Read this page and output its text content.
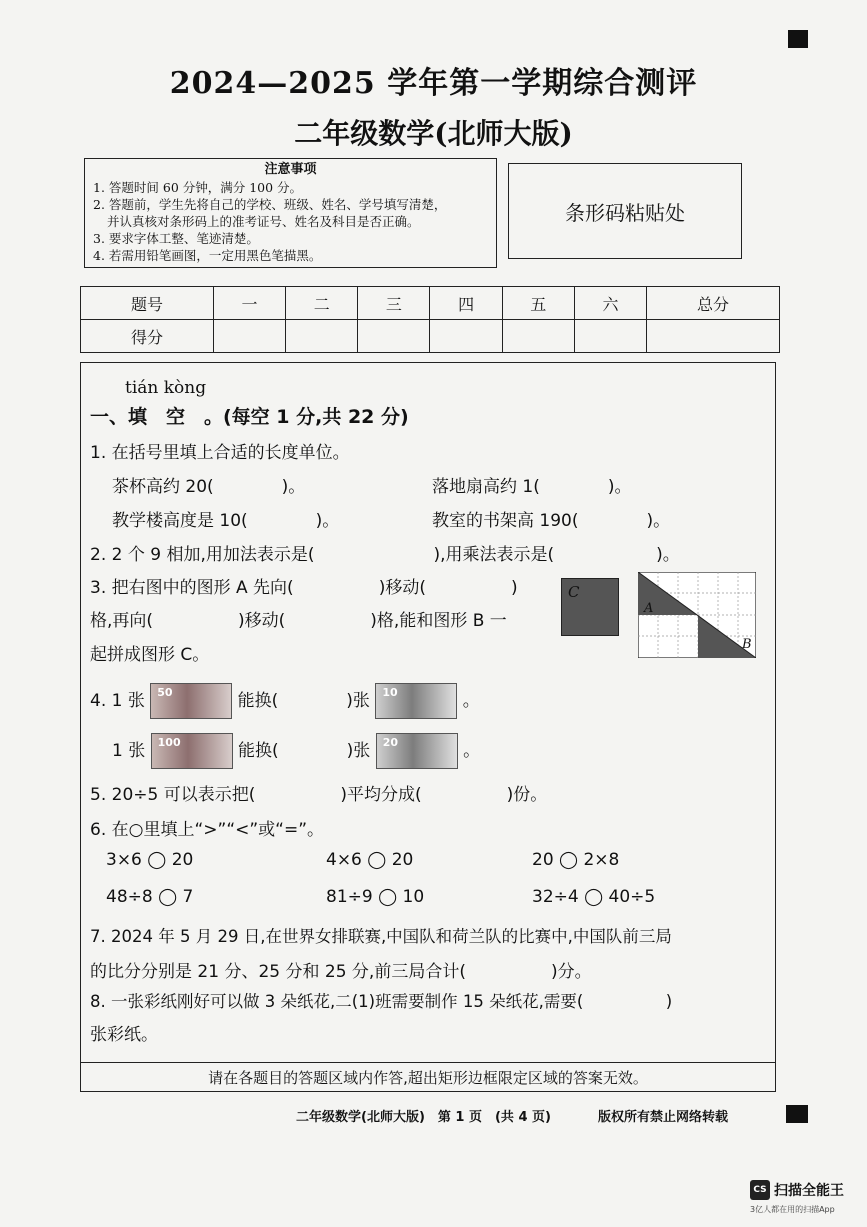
2024—2025 学年第一学期综合测评
二年级数学(北师大版)
注意事项
1. 答题时间 60 分钟，满分 100 分。
2. 答题前，学生先将自己的学校、班级、姓名、学号填写清楚，
并认真核对条形码上的准考证号、姓名及科目是否正确。
3. 要求字体工整、笔迹清楚。
4. 若需用铅笔画图，一定用黑色笔描黑。
条形码粘贴处
题号	一	二	三	四	五	六	总分
得分							
tián kòng
一、填　空　。(每空 1 分,共 22 分)
1. 在括号里填上合适的长度单位。
茶杯高约 20(　　　　)。	落地扇高约 1(　　　　)。
教学楼高度是 10(　　　　)。	教室的书架高 190(　　　　)。
2. 2 个 9 相加,用加法表示是(　　　　　　　),用乘法表示是(　　　　　　)。
3. 把右图中的图形 A 先向(　　　　　)移动(　　　　　)
格,再向(　　　　　)移动(　　　　　)格,能和图形 B 一
起拼成图形 C。
C
A
B
4. 1 张 50	能换(　　　　)张 10	。
1 张 100	能换(　　　　)张 20	。
5. 20÷5 可以表示把(　　　　　)平均分成(　　　　　)份。
6. 在○里填上“>”“<”或“=”。
3×6 ◯ 20	4×6 ◯ 20	20 ◯ 2×8
48÷8 ◯ 7	81÷9 ◯ 10	32÷4 ◯ 40÷5
7. 2024 年 5 月 29 日,在世界女排联赛,中国队和荷兰队的比赛中,中国队前三局
的比分分别是 21 分、25 分和 25 分,前三局合计(　　　　　)分。
8. 一张彩纸刚好可以做 3 朵纸花,二(1)班需要制作 15 朵纸花,需要(　　　　　)
张彩纸。
请在各题目的答题区域内作答,超出矩形边框限定区域的答案无效。
二年级数学(北师大版)　第 1 页　(共 4 页)	版权所有禁止网络转载
CS 扫描全能王
3亿人都在用的扫描App
